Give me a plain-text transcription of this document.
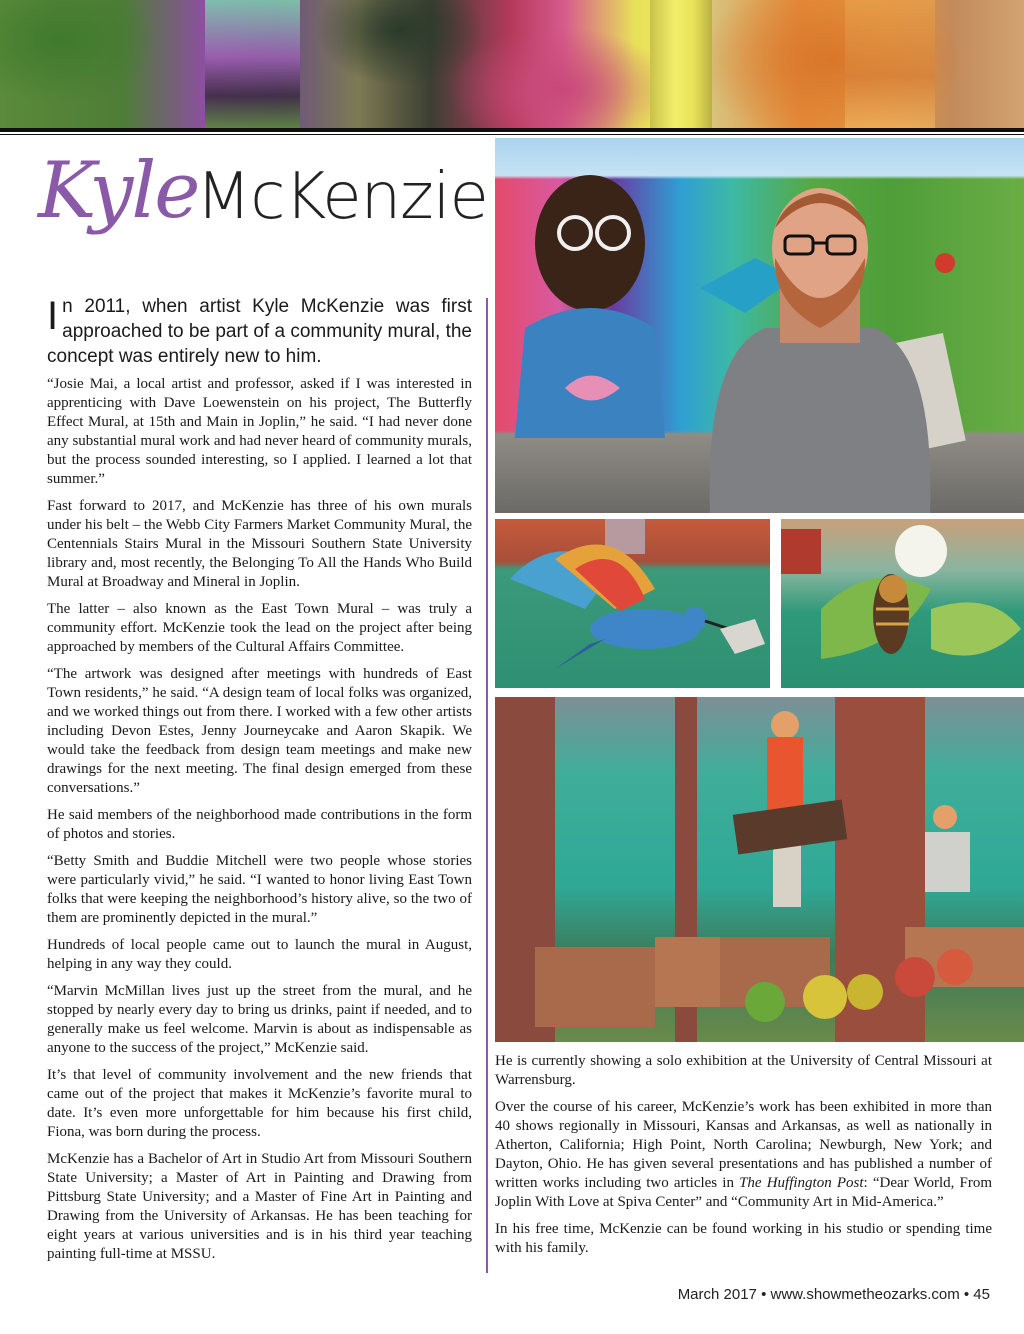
Kyle
McKenzie

In 2011, when artist Kyle McKenzie was first approached to be part of a community mural, the concept was entirely new to him.

“Josie Mai, a local artist and professor, asked if I was interested in apprenticing with Dave Loewenstein on his project, The Butterfly Effect Mural, at 15th and Main in Joplin,” he said. “I had never done any substantial mural work and had never heard of community murals, but the process sounded interesting, so I applied. I learned a lot that summer.”

Fast forward to 2017, and McKenzie has three of his own murals under his belt – the Webb City Farmers Market Community Mural, the Centennials Stairs Mural in the Missouri Southern State University library and, most recently, the Belonging To All the Hands Who Build Mural at Broadway and Mineral in Joplin.

The latter – also known as the East Town Mural – was truly a community effort. McKenzie took the lead on the project after being approached by members of the Cultural Affairs Committee.

“The artwork was designed after meetings with hundreds of East Town residents,” he said. “A design team of local folks was organized, and we worked things out from there. I worked with a few other artists including Devon Estes, Jenny Journeycake and Aaron Skapik. We would take the feedback from design team meetings and make new drawings for the next meeting. The final design emerged from these conversations.”

He said members of the neighborhood made contributions in the form of photos and stories.

“Betty Smith and Buddie Mitchell were two people whose stories were particularly vivid,” he said. “I wanted to honor living East Town folks that were keeping the neighborhood’s history alive, so the two of them are prominently depicted in the mural.”

Hundreds of local people came out to launch the mural in August, helping in any way they could.

“Marvin McMillan lives just up the street from the mural, and he stopped by nearly every day to bring us drinks, paint if needed, and to generally make us feel welcome. Marvin is about as indispensable as anyone to the success of the project,” McKenzie said.

It’s that level of community involvement and the new friends that came out of the project that makes it McKenzie’s favorite mural to date. It’s even more unforgettable for him because his first child, Fiona, was born during the process.

McKenzie has a Bachelor of Art in Studio Art from Missouri Southern State University; a Master of Art in Painting and Drawing from Pittsburg State University; and a Master of Fine Art in Painting and Drawing from the University of Arkansas. He has been teaching for eight years at various universities and is in his third year teaching painting full-time at MSSU.

He is currently showing a solo exhibition at the University of Central Missouri at Warrensburg.

Over the course of his career, McKenzie’s work has been exhibited in more than 40 shows regionally in Missouri, Kansas and Arkansas, as well as nationally in Atherton, California; High Point, North Carolina; Newburgh, New York; and Dayton, Ohio. He has given several presentations and has published a number of written works including two articles in The Huffington Post: “Dear World, From Joplin With Love at Spiva Center” and “Community Art in Mid-America.”

In his free time, McKenzie can be found working in his studio or spending time with his family.

March 2017 • www.showmetheozarks.com • 45
